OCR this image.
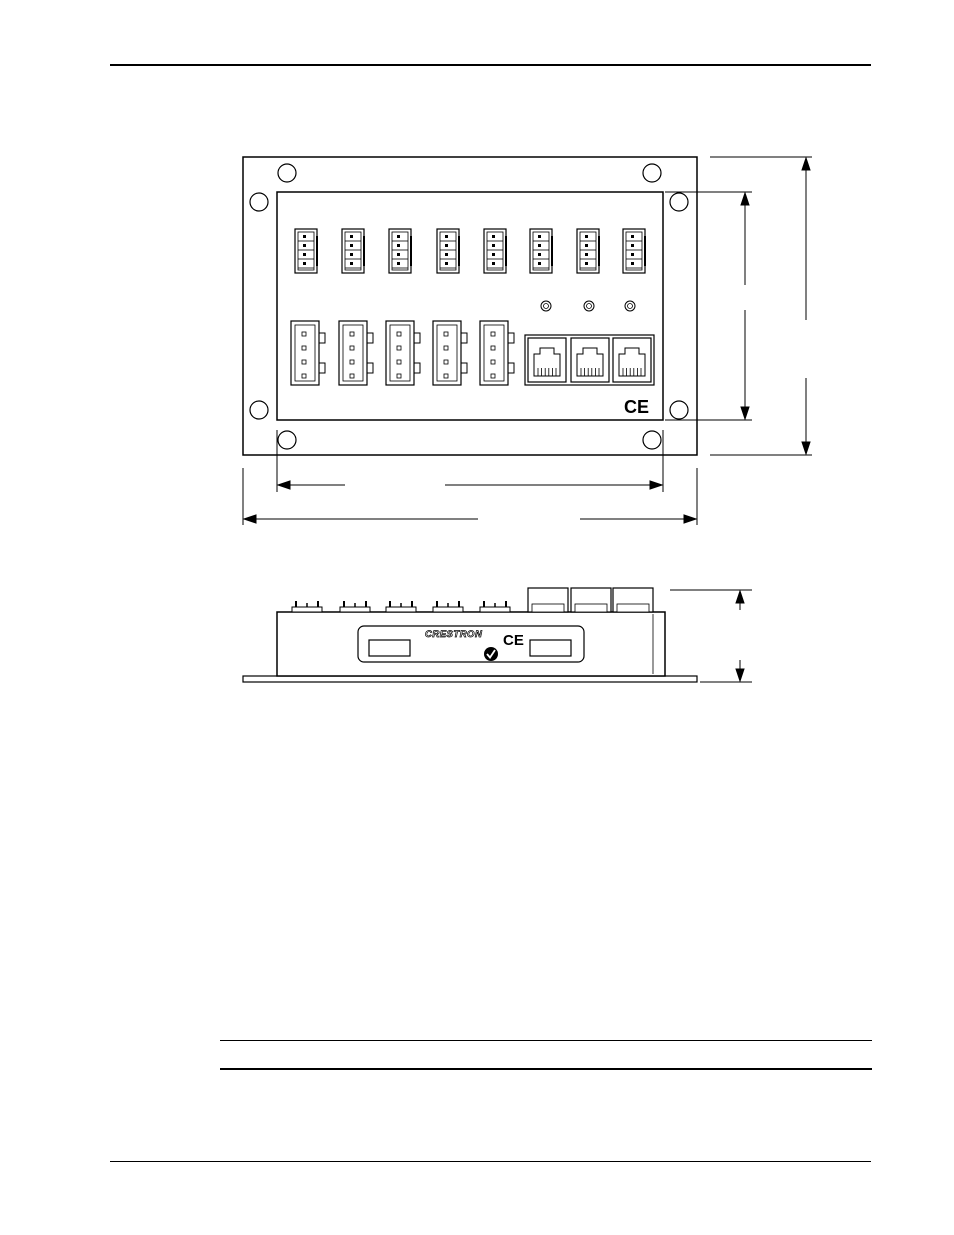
CE
CRESTRON CE
